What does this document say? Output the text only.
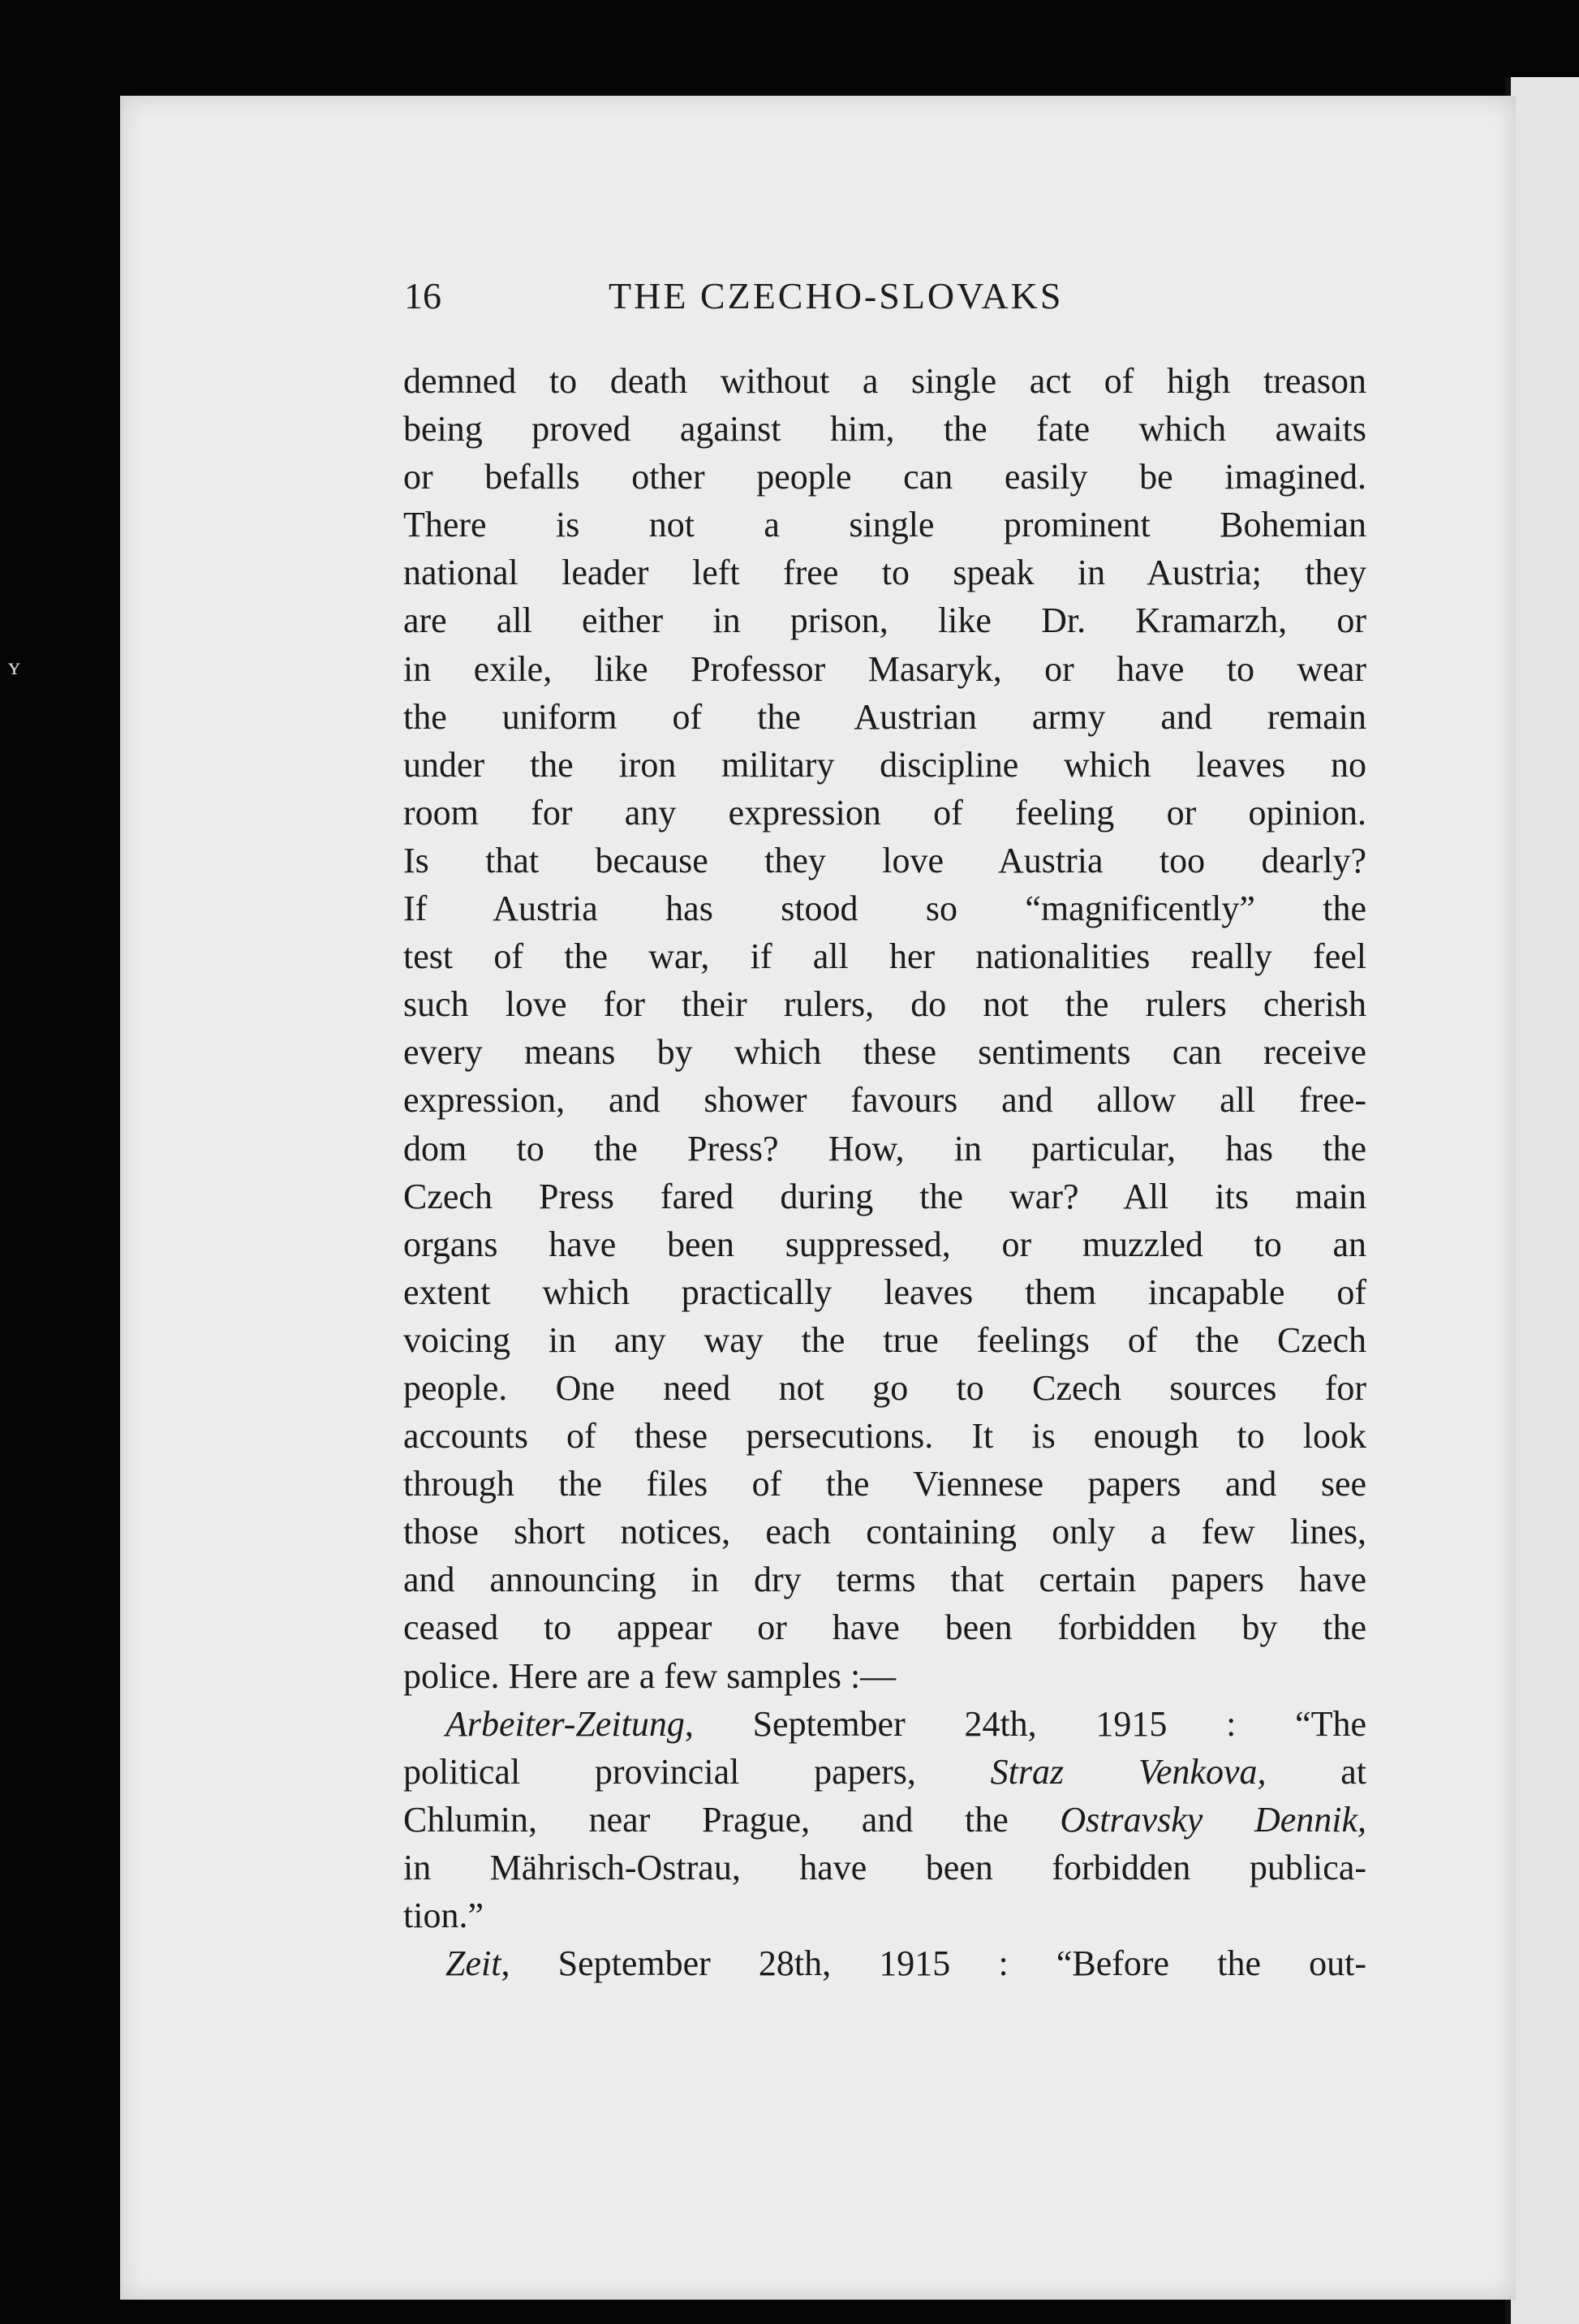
ʏ
16	THE CZECHO-SLOVAKS
demned to death without a single act of high treason
being proved against him, the fate which awaits
or befalls other people can easily be imagined.
There is not a single prominent Bohemian
national leader left free to speak in Austria; they
are all either in prison, like Dr. Kramarzh, or
in exile, like Professor Masaryk, or have to wear
the uniform of the Austrian army and remain
under the iron military discipline which leaves no
room for any expression of feeling or opinion.
Is that because they love Austria too dearly?
If Austria has stood so “magnificently” the
test of the war, if all her nationalities really feel
such love for their rulers, do not the rulers cherish
every means by which these sentiments can receive
expression, and shower favours and allow all free-
dom to the Press? How, in particular, has the
Czech Press fared during the war? All its main
organs have been suppressed, or muzzled to an
extent which practically leaves them incapable of
voicing in any way the true feelings of the Czech
people. One need not go to Czech sources for
accounts of these persecutions. It is enough to look
through the files of the Viennese papers and see
those short notices, each containing only a few lines,
and announcing in dry terms that certain papers have
ceased to appear or have been forbidden by the
police. Here are a few samples :—
Arbeiter-Zeitung, September 24th, 1915 : “The
political provincial papers, Straz Venkova, at
Chlumin, near Prague, and the Ostravsky Dennik,
in Mährisch-Ostrau, have been forbidden publica-
tion.”
Zeit, September 28th, 1915 : “Before the out-
